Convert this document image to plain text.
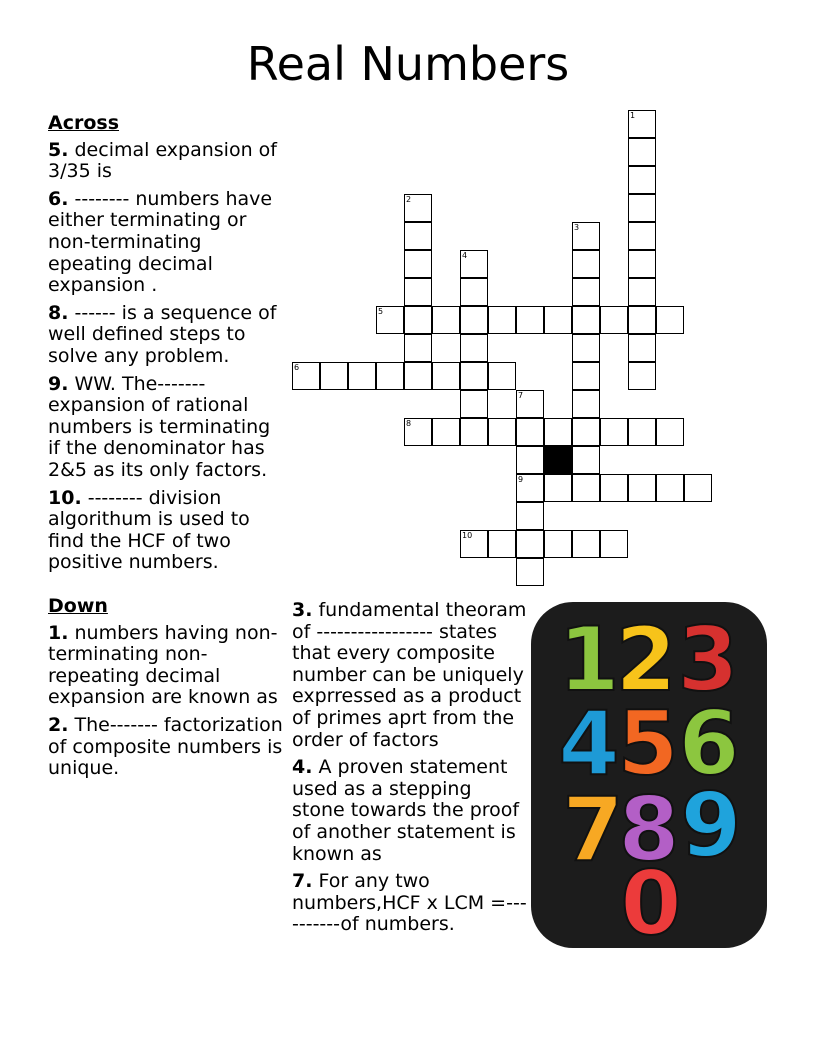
Real Numbers
Across
5. decimal expansion of 3/35 is
6. -------- numbers have either terminating or non-terminating epeating decimal expansion .
8. ------ is a sequence of well defined steps to solve any problem.
9. WW. The-------expansion of rational numbers is terminating if the denominator has 2&5 as its only factors.
10. -------- division algorithum is used to find the HCF of two positive numbers.
Down
1. numbers having non-terminating non-repeating decimal expansion are known as
2. The------- factorization of composite numbers is unique.
3. fundamental theoram of ----------------- states that every composite number can be uniquely exprressed as a product of primes aprt from the order of factors
4. A proven statement used as a stepping stone towards the proof of another statement is known as
7. For any two numbers,HCF x LCM =----------of numbers.
5
6
8
9
10
1
2
3
4
7
1
2 3
4
5 6
7
8 9
0
